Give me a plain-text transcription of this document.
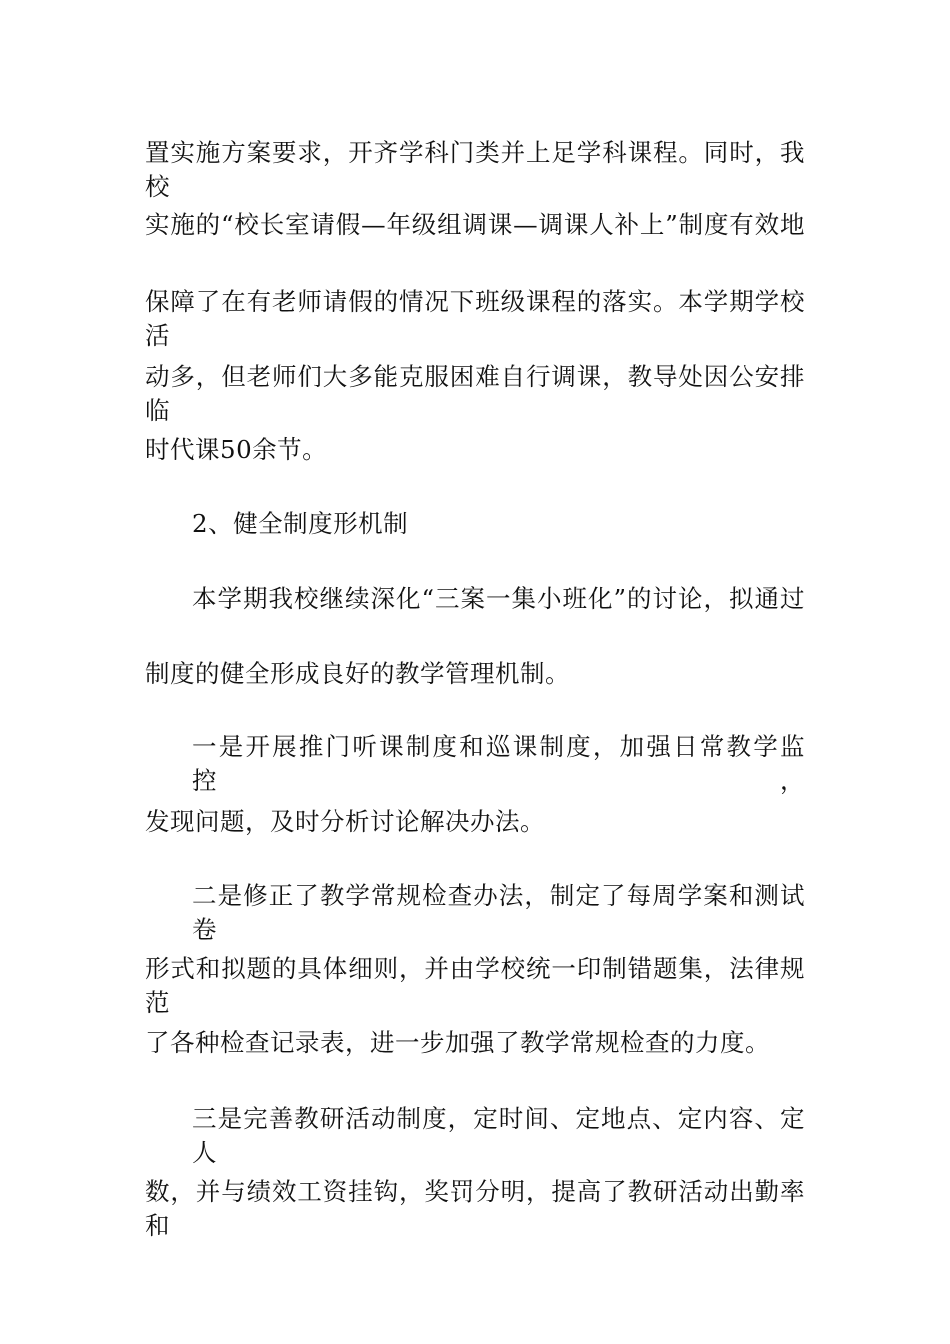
置实施方案要求，开齐学科门类并上足学科课程。同时，我校
实施的“校长室请假—年级组调课—调课人补上”制度有效地
保障了在有老师请假的情况下班级课程的落实。本学期学校活
动多，但老师们大多能克服困难自行调课，教导处因公安排临
时代课50余节。
2、健全制度形机制
本学期我校继续深化“三案一集小班化”的讨论，拟通过
制度的健全形成良好的教学管理机制。
一是开展推门听课制度和巡课制度，加强日常教学监控，
发现问题，及时分析讨论解决办法。
二是修正了教学常规检查办法，制定了每周学案和测试卷
形式和拟题的具体细则，并由学校统一印制错题集，法律规范
了各种检查记录表，进一步加强了教学常规检查的力度。
三是完善教研活动制度，定时间、定地点、定内容、定人
数，并与绩效工资挂钩，奖罚分明，提高了教研活动出勤率和
